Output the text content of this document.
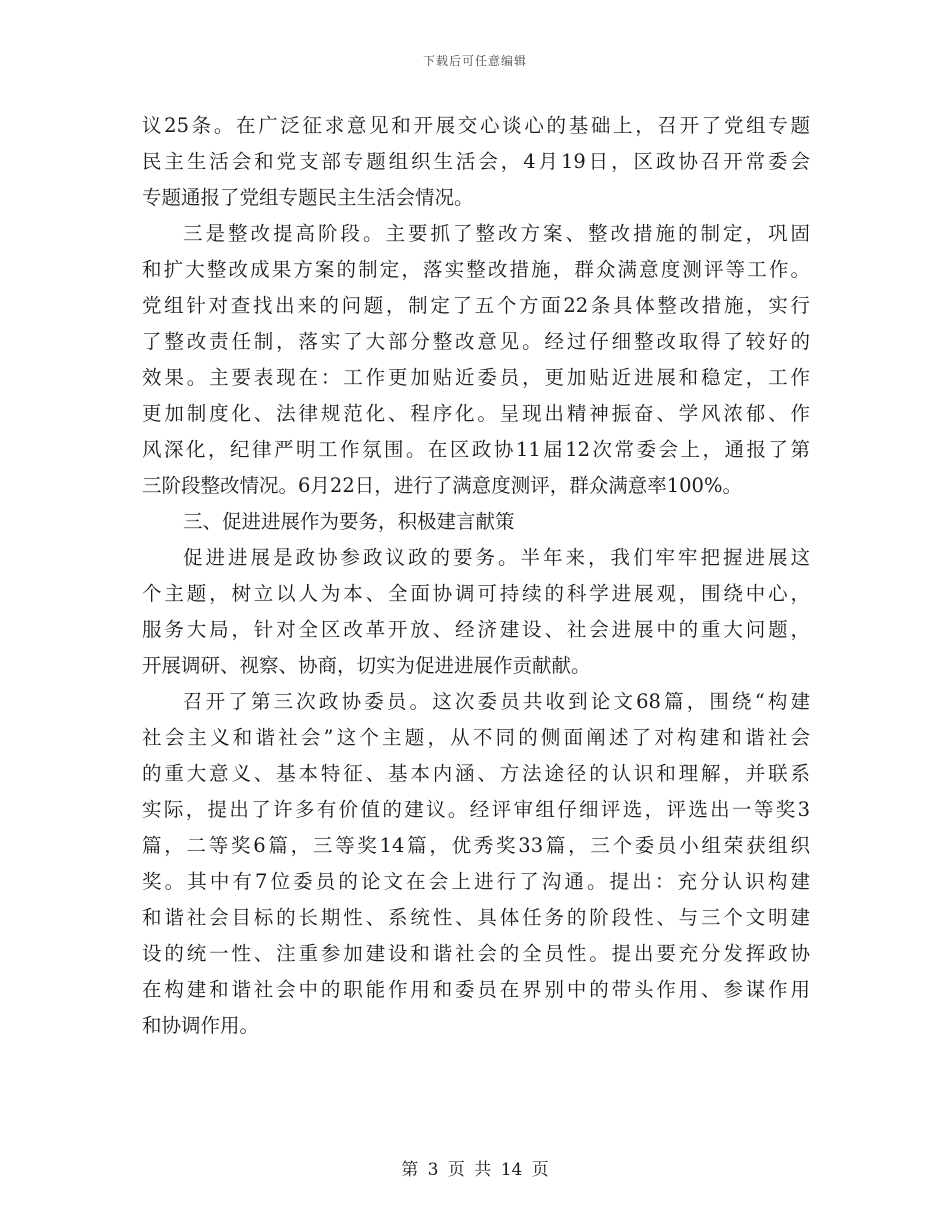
下载后可任意编辑
议25条。在广泛征求意见和开展交心谈心的基础上，召开了党组专题
民主生活会和党支部专题组织生活会，4月19日，区政协召开常委会
专题通报了党组专题民主生活会情况。
三是整改提高阶段。主要抓了整改方案、整改措施的制定，巩固
和扩大整改成果方案的制定，落实整改措施，群众满意度测评等工作。
党组针对查找出来的问题，制定了五个方面22条具体整改措施，实行
了整改责任制，落实了大部分整改意见。经过仔细整改取得了较好的
效果。主要表现在：工作更加贴近委员，更加贴近进展和稳定，工作
更加制度化、法律规范化、程序化。呈现出精神振奋、学风浓郁、作
风深化，纪律严明工作氛围。在区政协11届12次常委会上，通报了第
三阶段整改情况。6月22日，进行了满意度测评，群众满意率100%。
三、促进进展作为要务，积极建言献策
促进进展是政协参政议政的要务。半年来，我们牢牢把握进展这
个主题，树立以人为本、全面协调可持续的科学进展观，围绕中心，
服务大局，针对全区改革开放、经济建设、社会进展中的重大问题，
开展调研、视察、协商，切实为促进进展作贡献献。
召开了第三次政协委员。这次委员共收到论文68篇，围绕“构建
社会主义和谐社会”这个主题，从不同的侧面阐述了对构建和谐社会
的重大意义、基本特征、基本内涵、方法途径的认识和理解，并联系
实际，提出了许多有价值的建议。经评审组仔细评选，评选出一等奖3
篇，二等奖6篇，三等奖14篇，优秀奖33篇，三个委员小组荣获组织
奖。其中有7位委员的论文在会上进行了沟通。提出：充分认识构建
和谐社会目标的长期性、系统性、具体任务的阶段性、与三个文明建
设的统一性、注重参加建设和谐社会的全员性。提出要充分发挥政协
在构建和谐社会中的职能作用和委员在界别中的带头作用、参谋作用
和协调作用。
第 3 页 共 14 页
